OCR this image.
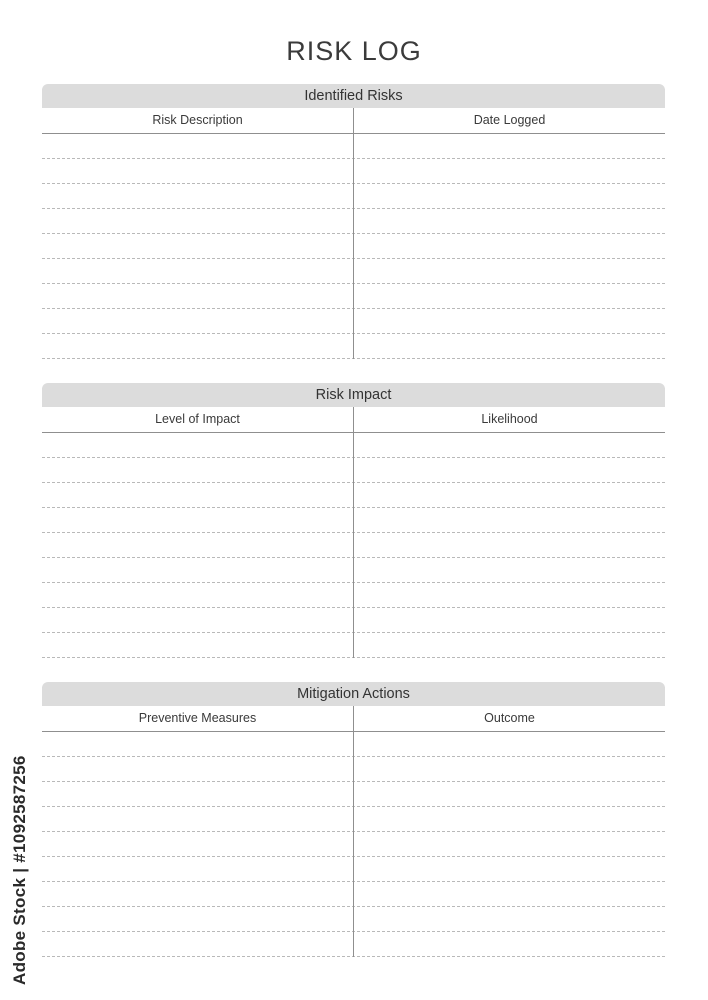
RISK LOG
Identified Risks
Risk Description	Date Logged
Risk Impact
Level of Impact	Likelihood
Mitigation Actions
Preventive Measures	Outcome
Adobe Stock | #1092587256
